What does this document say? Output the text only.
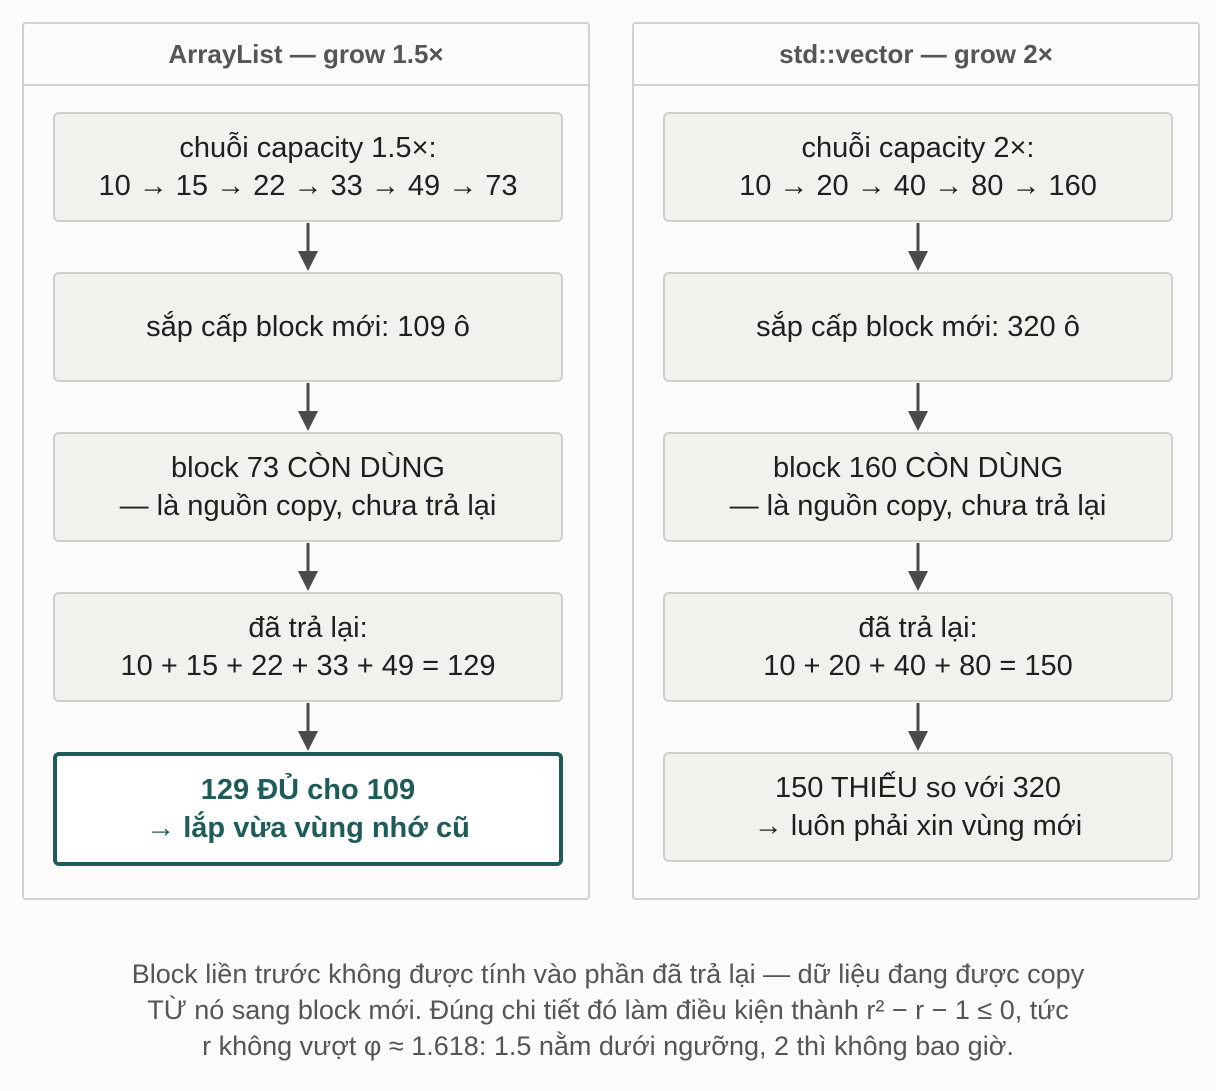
ArrayList — grow 1.5×
chuỗi capacity 1.5×:
10 → 15 → 22 → 33 → 49 → 73
sắp cấp block mới: 109 ô
block 73 CÒN DÙNG
— là nguồn copy, chưa trả lại
đã trả lại:
10 + 15 + 22 + 33 + 49 = 129
129 ĐỦ cho 109
→ lắp vừa vùng nhớ cũ
std::vector — grow 2×
chuỗi capacity 2×:
10 → 20 → 40 → 80 → 160
sắp cấp block mới: 320 ô
block 160 CÒN DÙNG
— là nguồn copy, chưa trả lại
đã trả lại:
10 + 20 + 40 + 80 = 150
150 THIẾU so với 320
→ luôn phải xin vùng mới
Block liền trước không được tính vào phần đã trả lại — dữ liệu đang được copy
TỪ nó sang block mới. Đúng chi tiết đó làm điều kiện thành r² − r − 1 ≤ 0, tức
r không vượt φ ≈ 1.618: 1.5 nằm dưới ngưỡng, 2 thì không bao giờ.
